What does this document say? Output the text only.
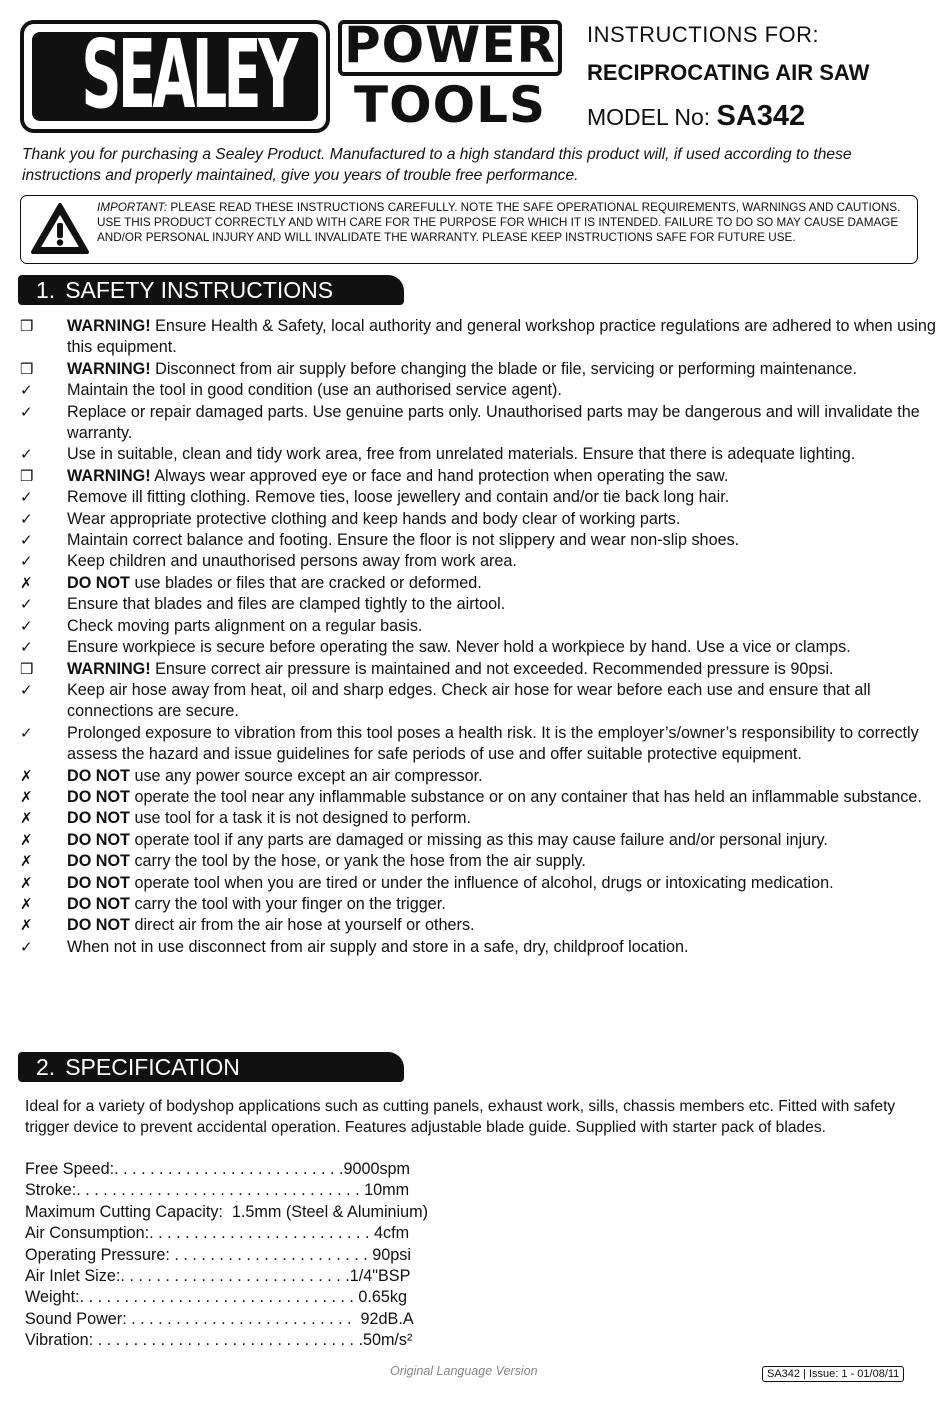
SEALEY POWER
TOOLS
INSTRUCTIONS FOR:
RECIPROCATING AIR SAW
MODEL No: SA342
Thank you for purchasing a Sealey Product. Manufactured to a high standard this product will, if used according to these instructions and properly maintained, give you years of trouble free performance.
IMPORTANT: PLEASE READ THESE INSTRUCTIONS CAREFULLY. NOTE THE SAFE OPERATIONAL REQUIREMENTS, WARNINGS AND CAUTIONS. USE THIS PRODUCT CORRECTLY AND WITH CARE FOR THE PURPOSE FOR WHICH IT IS INTENDED. FAILURE TO DO SO MAY CAUSE DAMAGE AND/OR PERSONAL INJURY AND WILL INVALIDATE THE WARRANTY. PLEASE KEEP INSTRUCTIONS SAFE FOR FUTURE USE.
1. SAFETY INSTRUCTIONS
❒	WARNING! Ensure Health & Safety, local authority and general workshop practice regulations are adhered to when using this equipment.
❒	WARNING! Disconnect from air supply before changing the blade or file, servicing or performing maintenance.
✓	Maintain the tool in good condition (use an authorised service agent).
✓	Replace or repair damaged parts. Use genuine parts only. Unauthorised parts may be dangerous and will invalidate the warranty.
✓	Use in suitable, clean and tidy work area, free from unrelated materials. Ensure that there is adequate lighting.
❒	WARNING! Always wear approved eye or face and hand protection when operating the saw.
✓	Remove ill fitting clothing. Remove ties, loose jewellery and contain and/or tie back long hair.
✓	Wear appropriate protective clothing and keep hands and body clear of working parts.
✓	Maintain correct balance and footing. Ensure the floor is not slippery and wear non-slip shoes.
✓	Keep children and unauthorised persons away from work area.
✗	DO NOT use blades or files that are cracked or deformed.
✓	Ensure that blades and files are clamped tightly to the airtool.
✓	Check moving parts alignment on a regular basis.
✓	Ensure workpiece is secure before operating the saw. Never hold a workpiece by hand. Use a vice or clamps.
❒	WARNING! Ensure correct air pressure is maintained and not exceeded. Recommended pressure is 90psi.
✓	Keep air hose away from heat, oil and sharp edges. Check air hose for wear before each use and ensure that all connections are secure.
✓	Prolonged exposure to vibration from this tool poses a health risk. It is the employer’s/owner’s responsibility to correctly assess the hazard and issue guidelines for safe periods of use and offer suitable protective equipment.
✗	DO NOT use any power source except an air compressor.
✗	DO NOT operate the tool near any inflammable substance or on any container that has held an inflammable substance.
✗	DO NOT use tool for a task it is not designed to perform.
✗	DO NOT operate tool if any parts are damaged or missing as this may cause failure and/or personal injury.
✗	DO NOT carry the tool by the hose, or yank the hose from the air supply.
✗	DO NOT operate tool when you are tired or under the influence of alcohol, drugs or intoxicating medication.
✗	DO NOT carry the tool with your finger on the trigger.
✗	DO NOT direct air from the air hose at yourself or others.
✓	When not in use disconnect from air supply and store in a safe, dry, childproof location.
2. SPECIFICATION
Ideal for a variety of bodyshop applications such as cutting panels, exhaust work, sills, chassis members etc. Fitted with safety trigger device to prevent accidental operation. Features adjustable blade guide. Supplied with starter pack of blades.
Free Speed:. . . . . . . . . . . . . . . . . . . . . . . . . .9000spm
Stroke:. . . . . . . . . . . . . . . . . . . . . . . . . . . . . . . . 10mm
Maximum Cutting Capacity:  1.5mm (Steel & Aluminium)
Air Consumption:. . . . . . . . . . . . . . . . . . . . . . . . . 4cfm
Operating Pressure: . . . . . . . . . . . . . . . . . . . . . . 90psi
Air Inlet Size:. . . . . . . . . . . . . . . . . . . . . . . . . .1/4"BSP
Weight:. . . . . . . . . . . . . . . . . . . . . . . . . . . . . . . 0.65kg
Sound Power: . . . . . . . . . . . . . . . . . . . . . . . . .  92dB.A
Vibration: . . . . . . . . . . . . . . . . . . . . . . . . . . . . . .50m/s²
Original Language Version	SA342 | Issue: 1 - 01/08/11
